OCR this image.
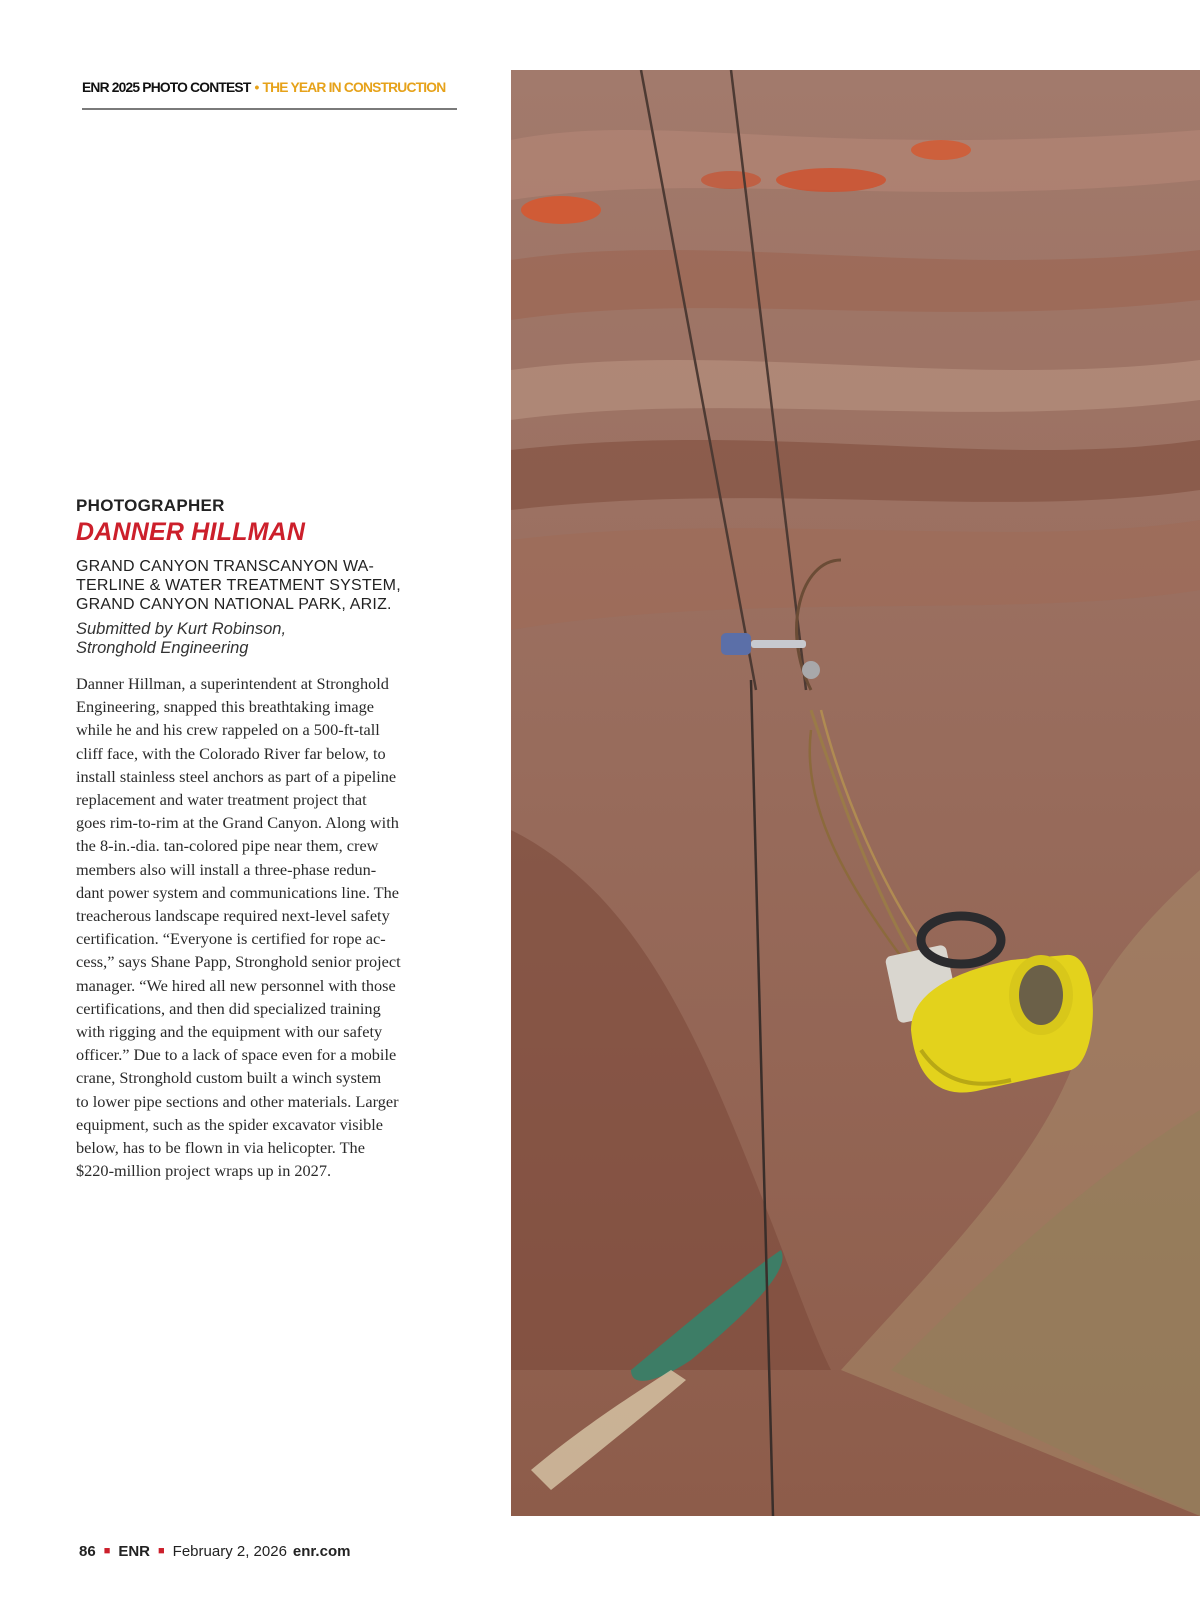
ENR 2025 PHOTO CONTEST • THE YEAR IN CONSTRUCTION
PHOTOGRAPHER
DANNER HILLMAN
GRAND CANYON TRANSCANYON WA-
TERLINE & WATER TREATMENT SYSTEM,
GRAND CANYON NATIONAL PARK, ARIZ.
Submitted by Kurt Robinson,
Stronghold Engineering
Danner Hillman, a superintendent at Stronghold
Engineering, snapped this breathtaking image
while he and his crew rappeled on a 500-ft-tall
cliff face, with the Colorado River far below, to
install stainless steel anchors as part of a pipeline
replacement and water treatment project that
goes rim-to-rim at the Grand Canyon. Along with
the 8-in.-dia. tan-colored pipe near them, crew
members also will install a three-phase redun-
dant power system and communications line. The
treacherous landscape required next-level safety
certification. “Everyone is certified for rope ac-
cess,” says Shane Papp, Stronghold senior project
manager. “We hired all new personnel with those
certifications, and then did specialized training
with rigging and the equipment with our safety
officer.” Due to a lack of space even for a mobile
crane, Stronghold custom built a winch system
to lower pipe sections and other materials. Larger
equipment, such as the spider excavator visible
below, has to be flown in via helicopter. The
$220-million project wraps up in 2027.
86 ■ ENR ■ February 2, 2026 enr.com
